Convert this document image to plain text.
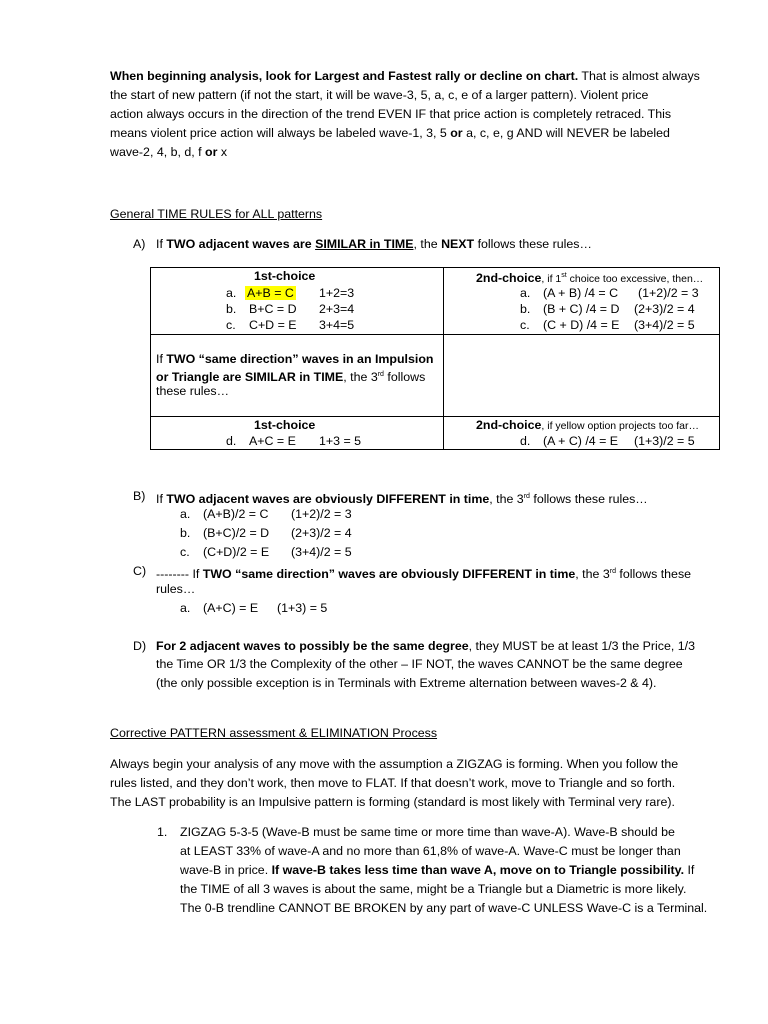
When beginning analysis, look for Largest and Fastest rally or decline on chart. That is almost always
the start of new pattern (if not the start, it will be wave-3, 5, a, c, e of a larger pattern). Violent price
action always occurs in the direction of the trend EVEN IF that price action is completely retraced. This
means violent price action will always be labeled wave-1, 3, 5 or a, c, e, g AND will NEVER be labeled
wave-2, 4, b, d, f or x
General TIME RULES for ALL patterns
A) If TWO adjacent waves are SIMILAR in TIME, the NEXT follows these rules…
1st-choice
a. A+B = C 1+2=3
b. B+C = D 2+3=4
c. C+D = E 3+4=5
2nd-choice, if 1st choice too excessive, then…
a. (A + B) /4 = C (1+2)/2 = 3
b. (B + C) /4 = D (2+3)/2 = 4
c. (C + D) /4 = E (3+4)/2 = 5
If TWO “same direction” waves in an Impulsion
or Triangle are SIMILAR in TIME, the 3rd follows
these rules…
1st-choice
d. A+C = E 1+3 = 5
2nd-choice, if yellow option projects too far…
d. (A + C) /4 = E (1+3)/2 = 5
B) If TWO adjacent waves are obviously DIFFERENT in time, the 3rd follows these rules…
a. (A+B)/2 = C (1+2)/2 = 3
b. (B+C)/2 = D (2+3)/2 = 4
c. (C+D)/2 = E (3+4)/2 = 5
C) -------- If TWO “same direction” waves are obviously DIFFERENT in time, the 3rd follows these
rules…
a. (A+C) = E (1+3) = 5
D) For 2 adjacent waves to possibly be the same degree, they MUST be at least 1/3 the Price, 1/3
the Time OR 1/3 the Complexity of the other – IF NOT, the waves CANNOT be the same degree
(the only possible exception is in Terminals with Extreme alternation between waves-2 & 4).
Corrective PATTERN assessment & ELIMINATION Process
Always begin your analysis of any move with the assumption a ZIGZAG is forming. When you follow the
rules listed, and they don’t work, then move to FLAT. If that doesn’t work, move to Triangle and so forth.
The LAST probability is an Impulsive pattern is forming (standard is most likely with Terminal very rare).
1. ZIGZAG 5-3-5 (Wave-B must be same time or more time than wave-A). Wave-B should be
at LEAST 33% of wave-A and no more than 61,8% of wave-A. Wave-C must be longer than
wave-B in price. If wave-B takes less time than wave A, move on to Triangle possibility. If
the TIME of all 3 waves is about the same, might be a Triangle but a Diametric is more likely.
The 0-B trendline CANNOT BE BROKEN by any part of wave-C UNLESS Wave-C is a Terminal.
